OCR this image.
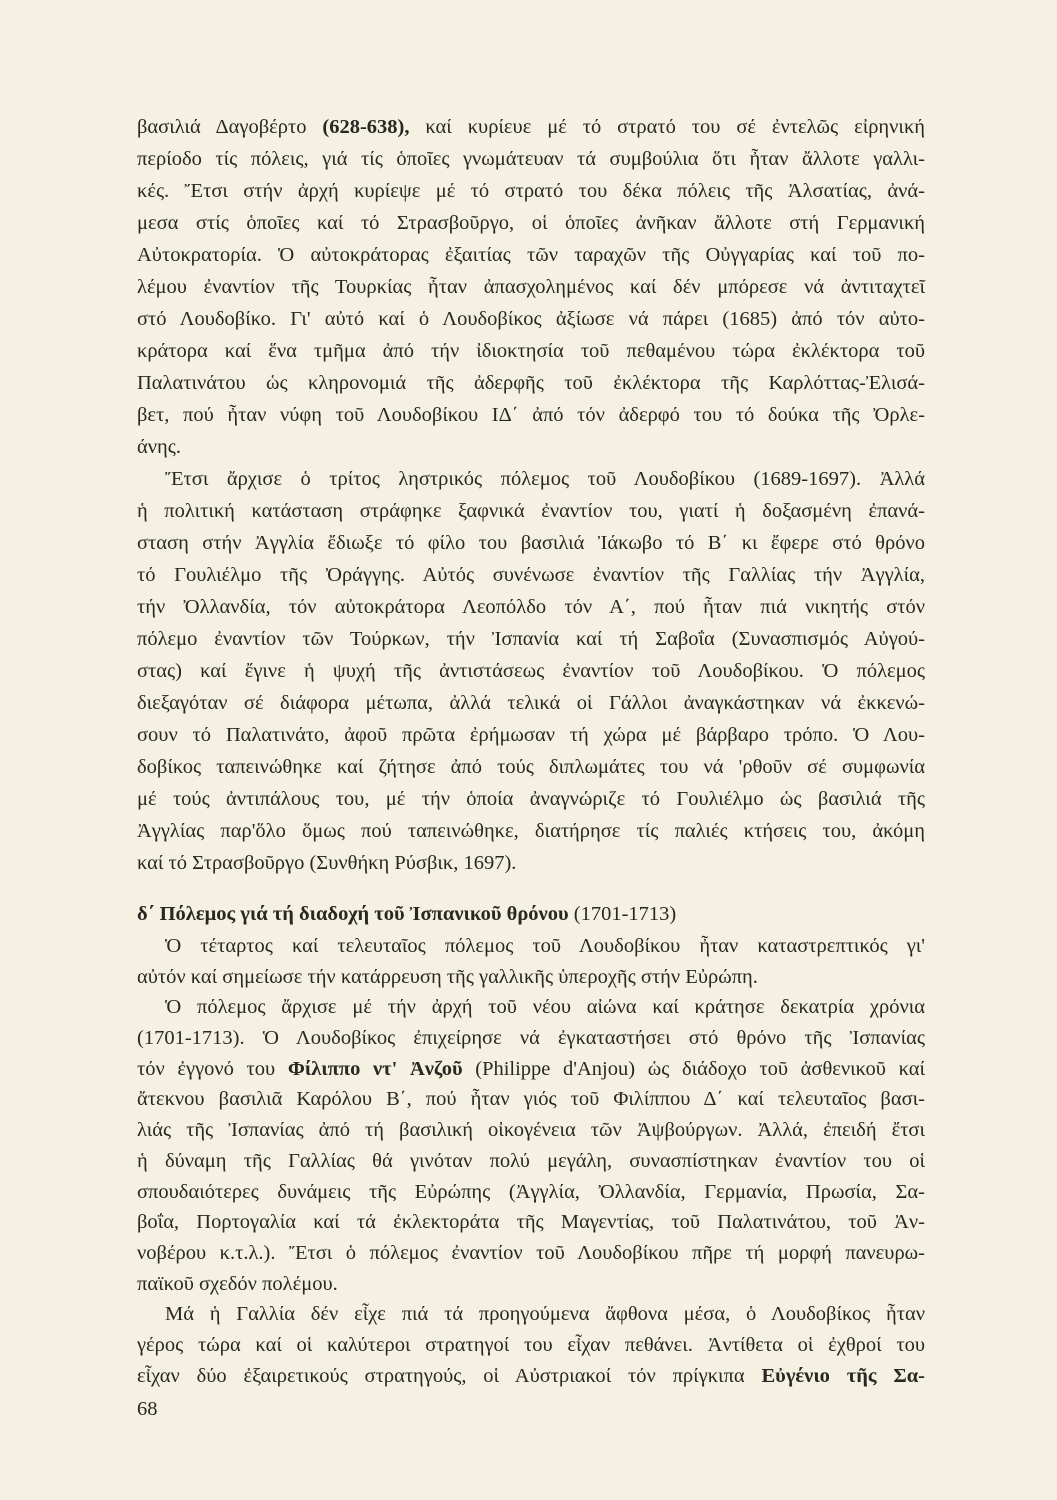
βασιλιά Δαγοβέρτο (628-638), καί κυρίευε μέ τό στρατό του σέ ἐντελῶς εἰρηνική
περίοδο τίς πόλεις, γιά τίς ὁποῖες γνωμάτευαν τά συμβούλια ὅτι ἦταν ἄλλοτε γαλλι-
κές. Ἔτσι στήν ἀρχή κυρίεψε μέ τό στρατό του δέκα πόλεις τῆς Ἀλσατίας, ἀνά-
μεσα στίς ὁποῖες καί τό Στρασβοῦργο, οἱ ὁποῖες ἀνῆκαν ἄλλοτε στή Γερμανική
Αὐτοκρατορία. Ὁ αὐτοκράτορας ἐξαιτίας τῶν ταραχῶν τῆς Οὐγγαρίας καί τοῦ πο-
λέμου ἐναντίον τῆς Τουρκίας ἦταν ἀπασχολημένος καί δέν μπόρεσε νά ἀντιταχτεῖ
στό Λουδοβίκο. Γι' αὐτό καί ὁ Λουδοβίκος ἀξίωσε νά πάρει (1685) ἀπό τόν αὐτο-
κράτορα καί ἕνα τμῆμα ἀπό τήν ἰδιοκτησία τοῦ πεθαμένου τώρα ἐκλέκτορα τοῦ
Παλατινάτου ὡς κληρονομιά τῆς ἀδερφῆς τοῦ ἐκλέκτορα τῆς Καρλόττας-Ἐλισά-
βετ, πού ἦταν νύφη τοῦ Λουδοβίκου ΙΔ΄ ἀπό τόν ἀδερφό του τό δούκα τῆς Ὀρλε-
άνης.
Ἔτσι ἄρχισε ὁ τρίτος ληστρικός πόλεμος τοῦ Λουδοβίκου (1689-1697). Ἀλλά
ἡ πολιτική κατάσταση στράφηκε ξαφνικά ἐναντίον του, γιατί ἡ δοξασμένη ἐπανά-
σταση στήν Ἀγγλία ἔδιωξε τό φίλο του βασιλιά Ἰάκωβο τό Β΄ κι ἔφερε στό θρόνο
τό Γουλιέλμο τῆς Ὀράγγης. Αὐτός συνένωσε ἐναντίον τῆς Γαλλίας τήν Ἀγγλία,
τήν Ὀλλανδία, τόν αὐτοκράτορα Λεοπόλδο τόν Α΄, πού ἦταν πιά νικητής στόν
πόλεμο ἐναντίον τῶν Τούρκων, τήν Ἰσπανία καί τή Σαβοΐα (Συνασπισμός Αὐγού-
στας) καί ἔγινε ἡ ψυχή τῆς ἀντιστάσεως ἐναντίον τοῦ Λουδοβίκου. Ὁ πόλεμος
διεξαγόταν σέ διάφορα μέτωπα, ἀλλά τελικά οἱ Γάλλοι ἀναγκάστηκαν νά ἐκκενώ-
σουν τό Παλατινάτο, ἀφοῦ πρῶτα ἐρήμωσαν τή χώρα μέ βάρβαρο τρόπο. Ὁ Λου-
δοβίκος ταπεινώθηκε καί ζήτησε ἀπό τούς διπλωμάτες του νά 'ρθοῦν σέ συμφωνία
μέ τούς ἀντιπάλους του, μέ τήν ὁποία ἀναγνώριζε τό Γουλιέλμο ὡς βασιλιά τῆς
Ἀγγλίας παρ'ὅλο ὅμως πού ταπεινώθηκε, διατήρησε τίς παλιές κτήσεις του, ἀκόμη
καί τό Στρασβοῦργο (Συνθήκη Ρύσβικ, 1697).
δ΄ Πόλεμος γιά τή διαδοχή τοῦ Ἰσπανικοῦ θρόνου (1701-1713)
Ὁ τέταρτος καί τελευταῖος πόλεμος τοῦ Λουδοβίκου ἦταν καταστρεπτικός γι'
αὐτόν καί σημείωσε τήν κατάρρευση τῆς γαλλικῆς ὑπεροχῆς στήν Εὐρώπη.
Ὁ πόλεμος ἄρχισε μέ τήν ἀρχή τοῦ νέου αἰώνα καί κράτησε δεκατρία χρόνια
(1701-1713). Ὁ Λουδοβίκος ἐπιχείρησε νά ἐγκαταστήσει στό θρόνο τῆς Ἰσπανίας
τόν ἐγγονό του Φίλιππο ντ' Ἀνζοῦ (Philippe d'Anjou) ὡς διάδοχο τοῦ ἀσθενικοῦ καί
ἄτεκνου βασιλιᾶ Καρόλου Β΄, πού ἦταν γιός τοῦ Φιλίππου Δ΄ καί τελευταῖος βασι-
λιάς τῆς Ἰσπανίας ἀπό τή βασιλική οἰκογένεια τῶν Ἀψβούργων. Ἀλλά, ἐπειδή ἔτσι
ἡ δύναμη τῆς Γαλλίας θά γινόταν πολύ μεγάλη, συνασπίστηκαν ἐναντίον του οἱ
σπουδαιότερες δυνάμεις τῆς Εὐρώπης (Ἀγγλία, Ὀλλανδία, Γερμανία, Πρωσία, Σα-
βοΐα, Πορτογαλία καί τά ἐκλεκτοράτα τῆς Μαγεντίας, τοῦ Παλατινάτου, τοῦ Ἀν-
νοβέρου κ.τ.λ.). Ἔτσι ὁ πόλεμος ἐναντίον τοῦ Λουδοβίκου πῆρε τή μορφή πανευρω-
παϊκοῦ σχεδόν πολέμου.
Μά ἡ Γαλλία δέν εἶχε πιά τά προηγούμενα ἄφθονα μέσα, ὁ Λουδοβίκος ἦταν
γέρος τώρα καί οἱ καλύτεροι στρατηγοί του εἶχαν πεθάνει. Ἀντίθετα οἱ ἐχθροί του
εἶχαν δύο ἐξαιρετικούς στρατηγούς, οἱ Αὐστριακοί τόν πρίγκιπα Εὐγένιο τῆς Σα-
68
